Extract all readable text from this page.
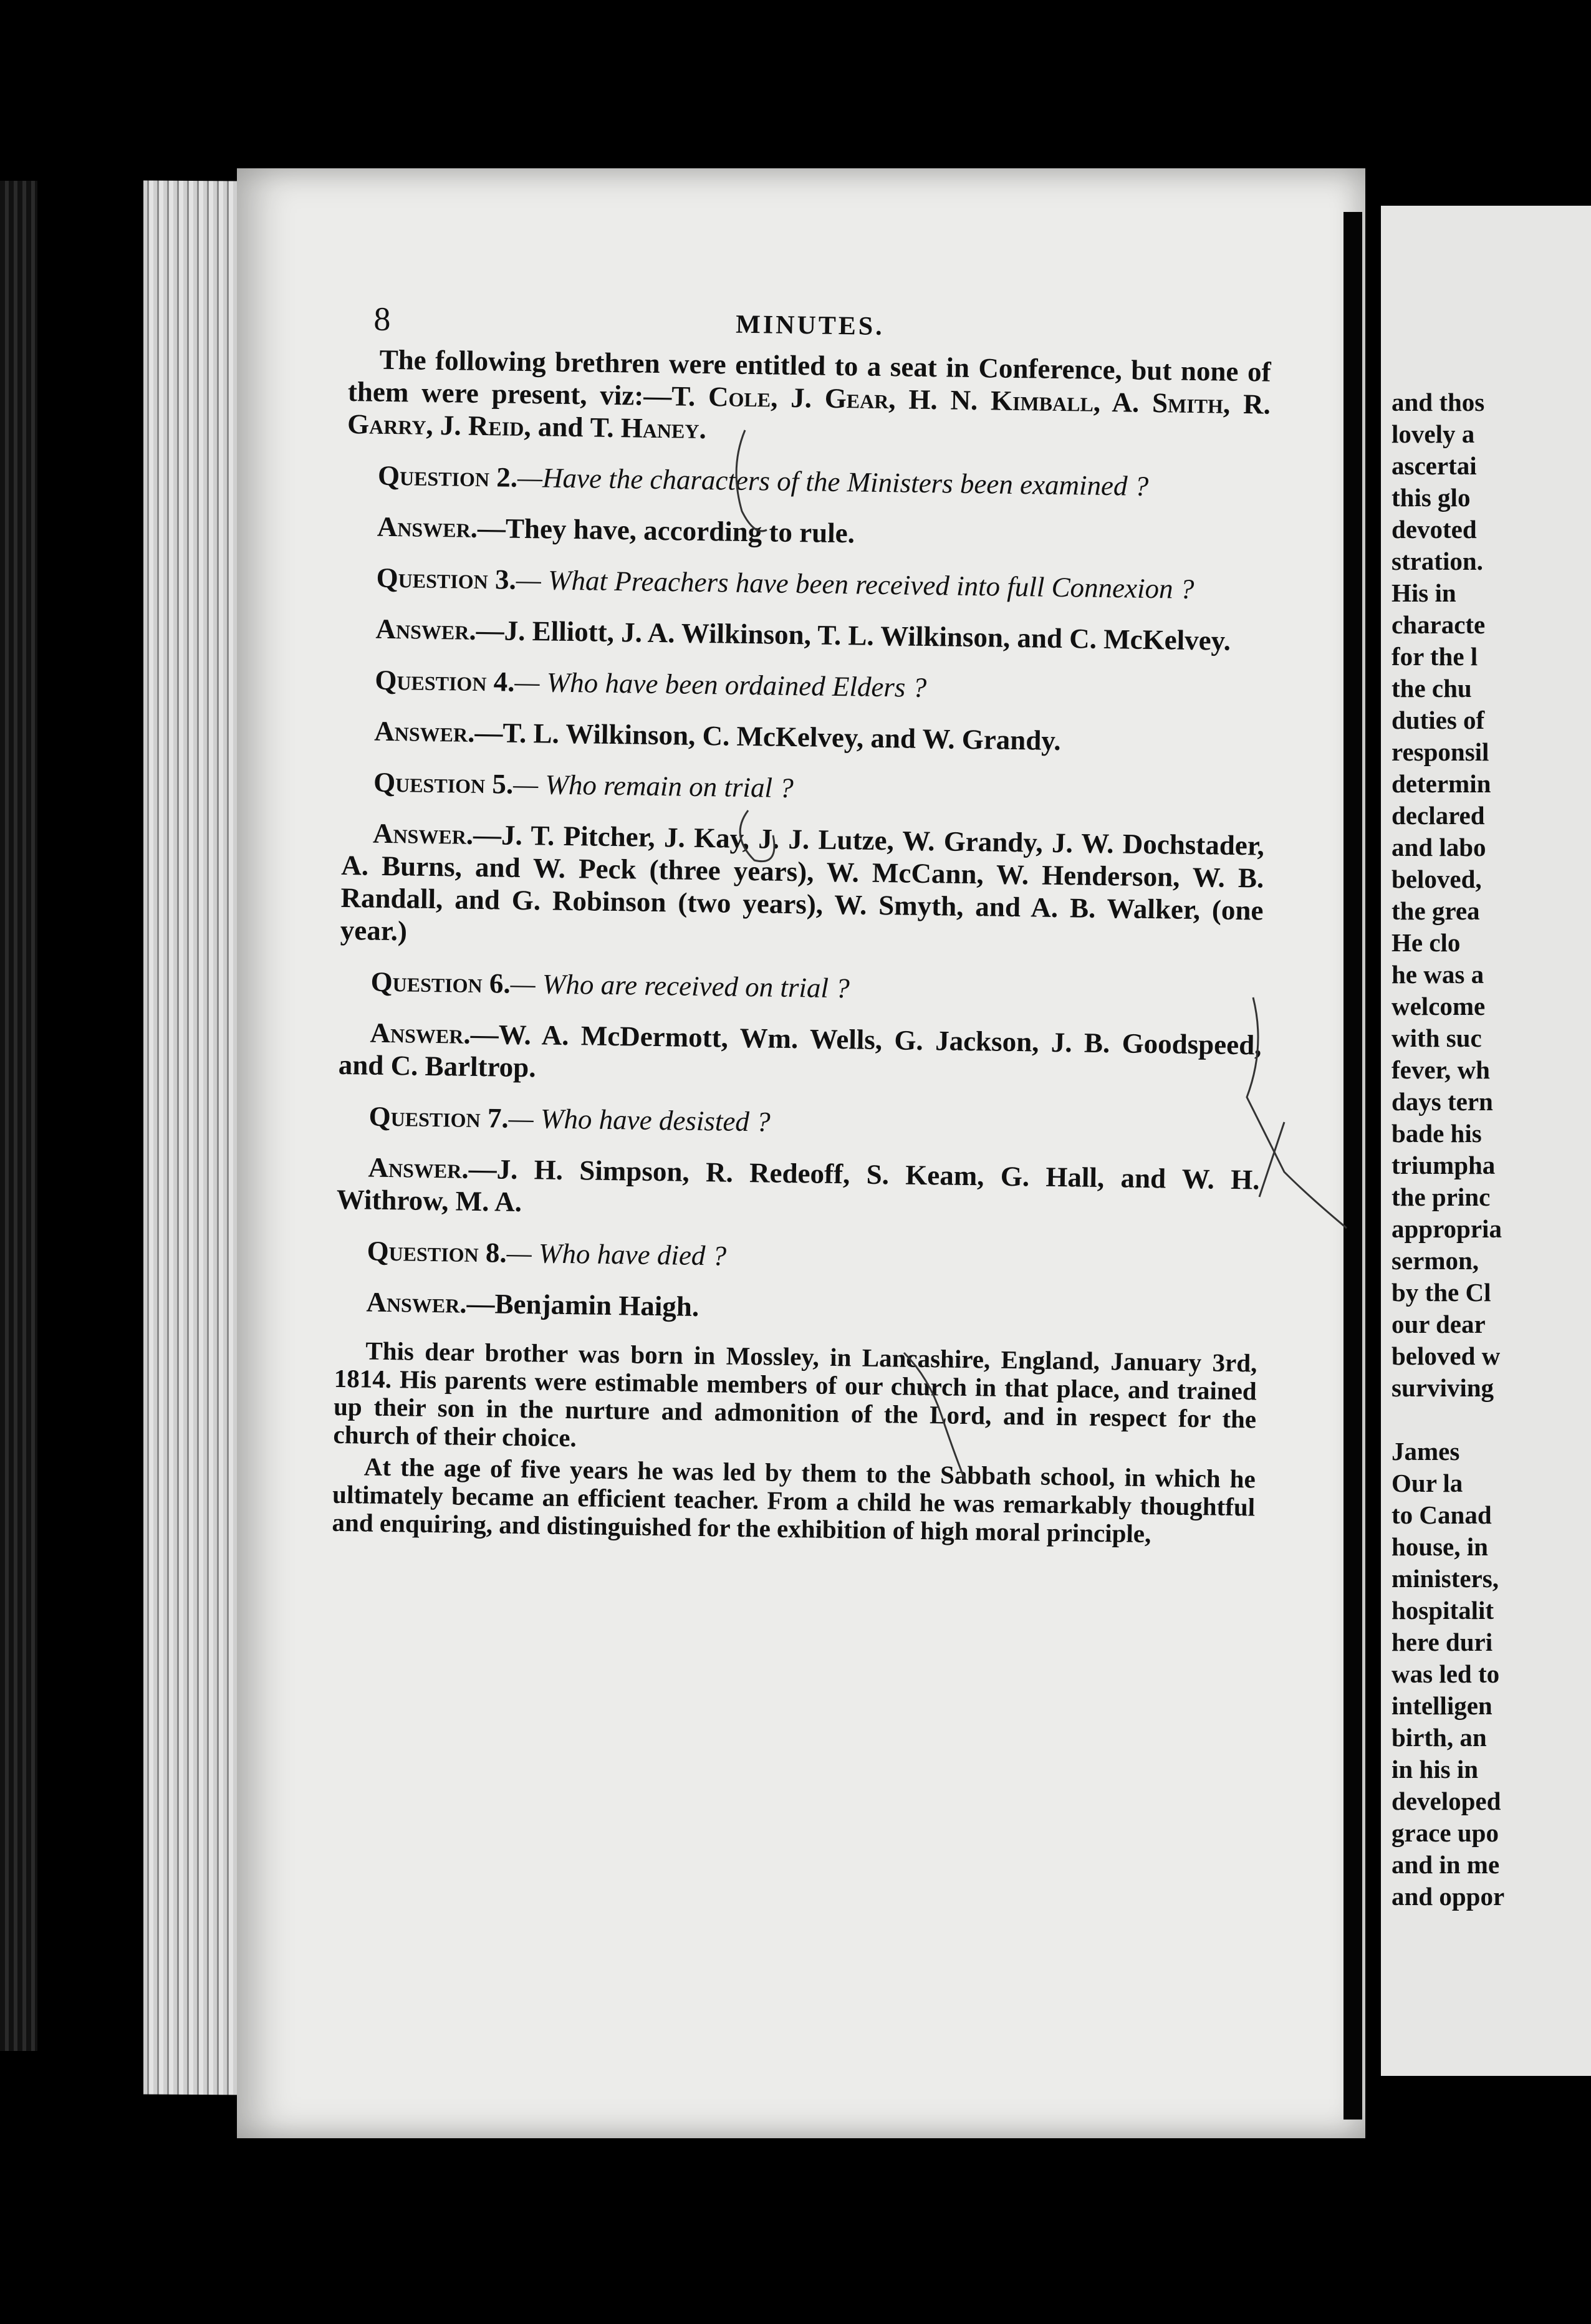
8	MINUTES.

The following brethren were entitled to a seat in Conference, but none of them were present, viz:—T. Cole, J. Gear, H. N. Kimball, A. Smith, R. Garry, J. Reid, and T. Haney.

Question 2.—Have the characters of the Ministers been examined ?

Answer.—They have, according to rule.

Question 3.— What Preachers have been received into full Connexion ?

Answer.—J. Elliott, J. A. Wilkinson, T. L. Wilkinson, and C. McKelvey.

Question 4.— Who have been ordained Elders ?

Answer.—T. L. Wilkinson, C. McKelvey, and W. Grandy.

Question 5.— Who remain on trial ?

Answer.—J. T. Pitcher, J. Kay, J. J. Lutze, W. Grandy, J. W. Dochstader, A. Burns, and W. Peck (three years), W. McCann, W. Henderson, W. B. Randall, and G. Robinson (two years), W. Smyth, and A. B. Walker, (one year.)

Question 6.— Who are received on trial ?

Answer.—W. A. McDermott, Wm. Wells, G. Jackson, J. B. Goodspeed, and C. Barltrop.

Question 7.— Who have desisted ?

Answer.—J. H. Simpson, R. Redeoff, S. Keam, G. Hall, and W. H. Withrow, M. A.

Question 8.— Who have died ?

Answer.—Benjamin Haigh.

This dear brother was born in Mossley, in Lancashire, England, January 3rd, 1814. His parents were estimable members of our church in that place, and trained up their son in the nurture and admonition of the Lord, and in respect for the church of their choice.

At the age of five years he was led by them to the Sabbath school, in which he ultimately became an efficient teacher. From a child he was remarkably thoughtful and enquiring, and distinguished for the exhibition of high moral principle,

and thos
lovely a
ascertai
this glo
devoted
stration.
His in
characte
for the l
the chu
duties of
responsil
determin
declared
and labo
beloved,
the grea
He clo
he was a
welcome
with suc
fever, wh
days tern
bade his
triumpha
the princ
appropria
sermon,
by the Cl
our dear
beloved w
surviving
James
Our la
to Canad
house, in
ministers,
hospitalit
here duri
was led to
intelligen
birth, an
in his in
developed
grace upo
and in me
and oppor
